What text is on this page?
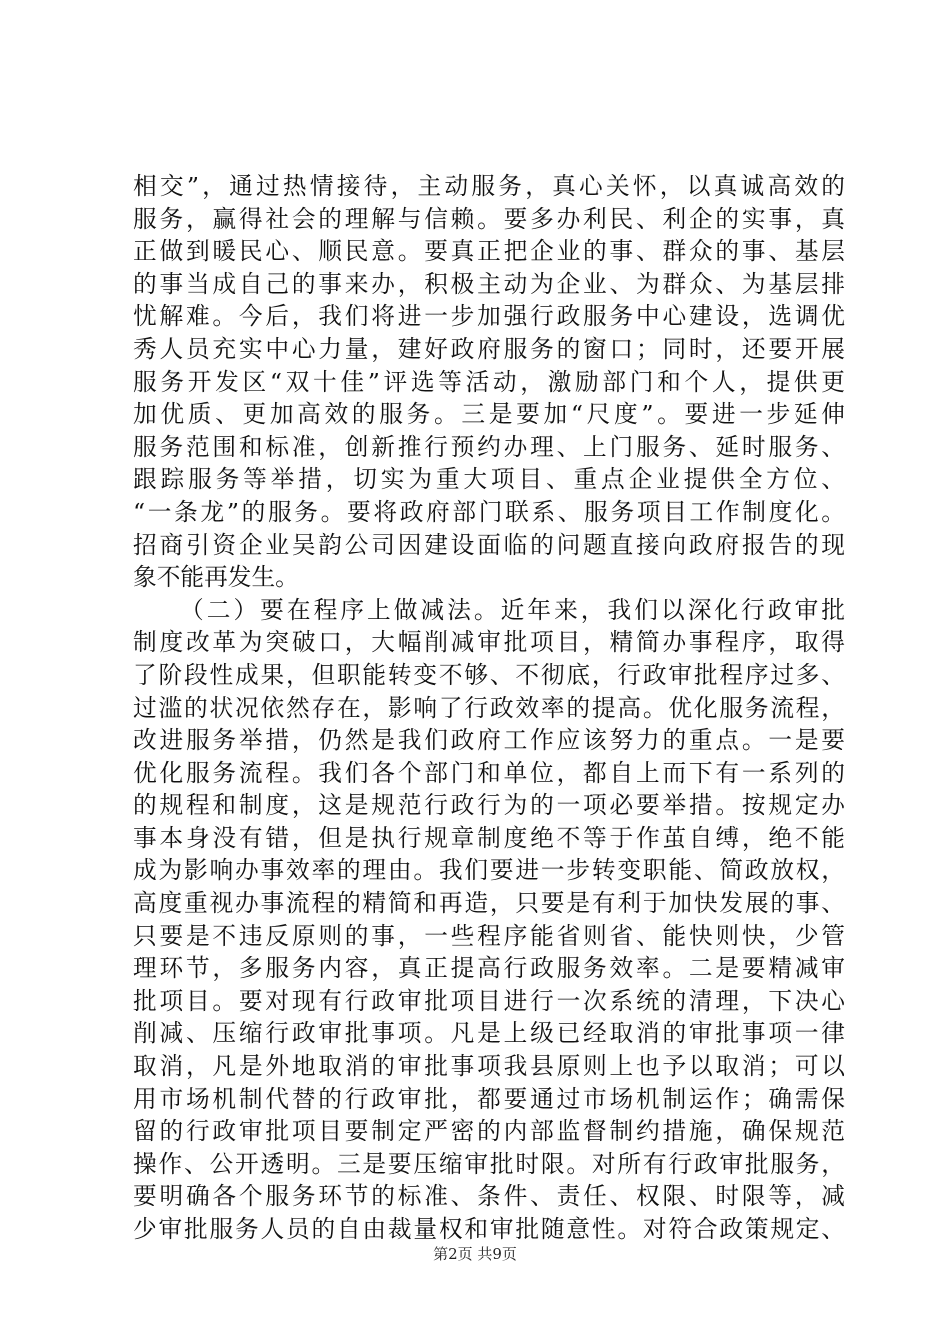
相交”，通过热情接待，主动服务，真心关怀，以真诚高效的
服务，赢得社会的理解与信赖。要多办利民、利企的实事，真
正做到暖民心、顺民意。要真正把企业的事、群众的事、基层
的事当成自己的事来办，积极主动为企业、为群众、为基层排
忧解难。今后，我们将进一步加强行政服务中心建设，选调优
秀人员充实中心力量，建好政府服务的窗口；同时，还要开展
服务开发区“双十佳”评选等活动，激励部门和个人，提供更
加优质、更加高效的服务。三是要加“尺度”。要进一步延伸
服务范围和标准，创新推行预约办理、上门服务、延时服务、
跟踪服务等举措，切实为重大项目、重点企业提供全方位、
“一条龙”的服务。要将政府部门联系、服务项目工作制度化。
招商引资企业吴韵公司因建设面临的问题直接向政府报告的现
象不能再发生。
（二）要在程序上做减法。近年来，我们以深化行政审批
制度改革为突破口，大幅削减审批项目，精简办事程序，取得
了阶段性成果，但职能转变不够、不彻底，行政审批程序过多、
过滥的状况依然存在，影响了行政效率的提高。优化服务流程，
改进服务举措，仍然是我们政府工作应该努力的重点。一是要
优化服务流程。我们各个部门和单位，都自上而下有一系列的
的规程和制度，这是规范行政行为的一项必要举措。按规定办
事本身没有错，但是执行规章制度绝不等于作茧自缚，绝不能
成为影响办事效率的理由。我们要进一步转变职能、简政放权，
高度重视办事流程的精简和再造，只要是有利于加快发展的事、
只要是不违反原则的事，一些程序能省则省、能快则快，少管
理环节，多服务内容，真正提高行政服务效率。二是要精减审
批项目。要对现有行政审批项目进行一次系统的清理，下决心
削减、压缩行政审批事项。凡是上级已经取消的审批事项一律
取消，凡是外地取消的审批事项我县原则上也予以取消；可以
用市场机制代替的行政审批，都要通过市场机制运作；确需保
留的行政审批项目要制定严密的内部监督制约措施，确保规范
操作、公开透明。三是要压缩审批时限。对所有行政审批服务，
要明确各个服务环节的标准、条件、责任、权限、时限等，减
少审批服务人员的自由裁量权和审批随意性。对符合政策规定、
第2页 共9页
